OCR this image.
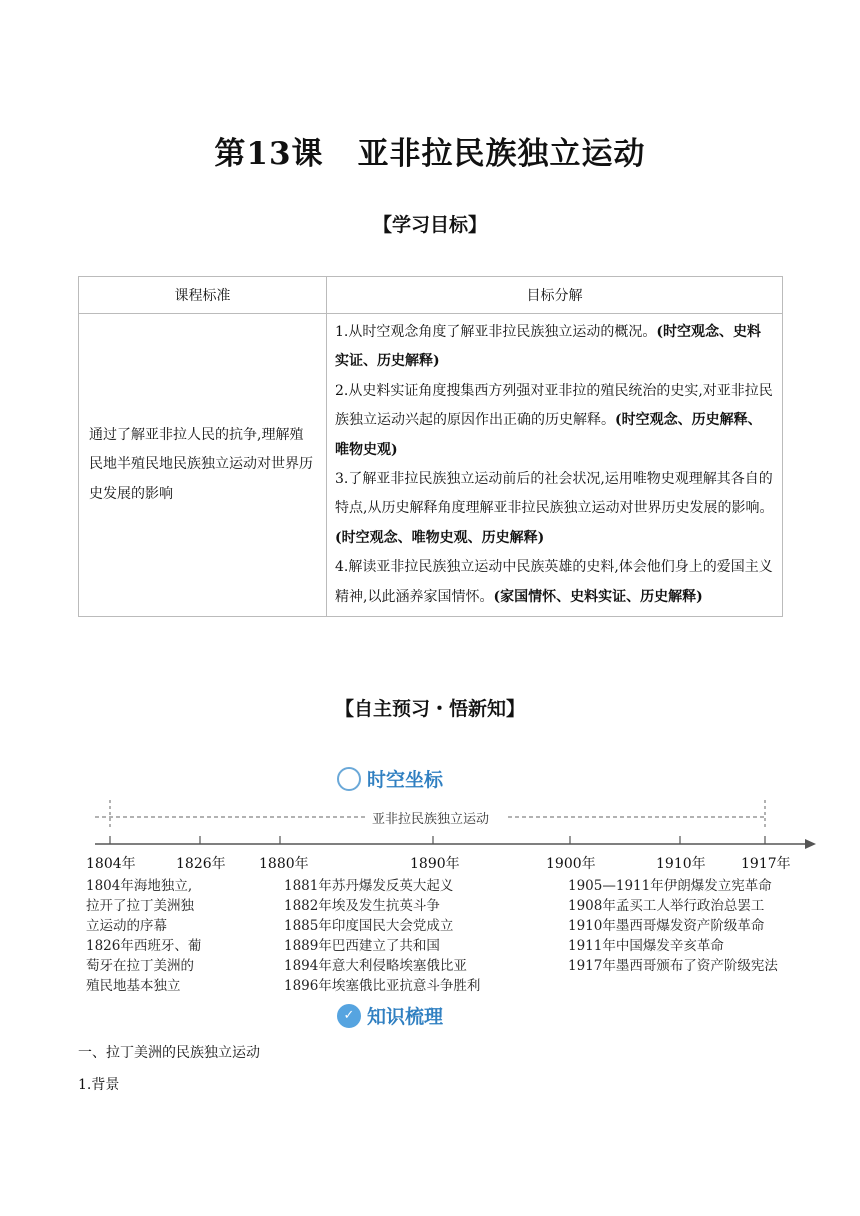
第13课 亚非拉民族独立运动
【学习目标】
课程标准	目标分解
通过了解亚非拉人民的抗争,理解殖民地半殖民地民族独立运动对世界历史发展的影响	1.从时空观念角度了解亚非拉民族独立运动的概况。(时空观念、史料实证、历史解释)
2.从史料实证角度搜集西方列强对亚非拉的殖民统治的史实,对亚非拉民族独立运动兴起的原因作出正确的历史解释。(时空观念、历史解释、唯物史观)
3.了解亚非拉民族独立运动前后的社会状况,运用唯物史观理解其各自的特点,从历史解释角度理解亚非拉民族独立运动对世界历史发展的影响。(时空观念、唯物史观、历史解释)
4.解读亚非拉民族独立运动中民族英雄的史料,体会他们身上的爱国主义精神,以此涵养家国情怀。(家国情怀、史料实证、历史解释)
【自主预习・悟新知】
时空坐标
亚非拉民族独立运动
1804年	1826年 1880年	1890年	1900年	1910年	1917年
1804年海地独立,
拉开了拉丁美洲独
立运动的序幕
1826年西班牙、葡
萄牙在拉丁美洲的
殖民地基本独立
1881年苏丹爆发反英大起义
1882年埃及发生抗英斗争
1885年印度国民大会党成立
1889年巴西建立了共和国
1894年意大利侵略埃塞俄比亚
1896年埃塞俄比亚抗意斗争胜利
1905—1911年伊朗爆发立宪革命
1908年孟买工人举行政治总罢工
1910年墨西哥爆发资产阶级革命
1911年中国爆发辛亥革命
1917年墨西哥颁布了资产阶级宪法
✓ 知识梳理
一、拉丁美洲的民族独立运动
1.背景
